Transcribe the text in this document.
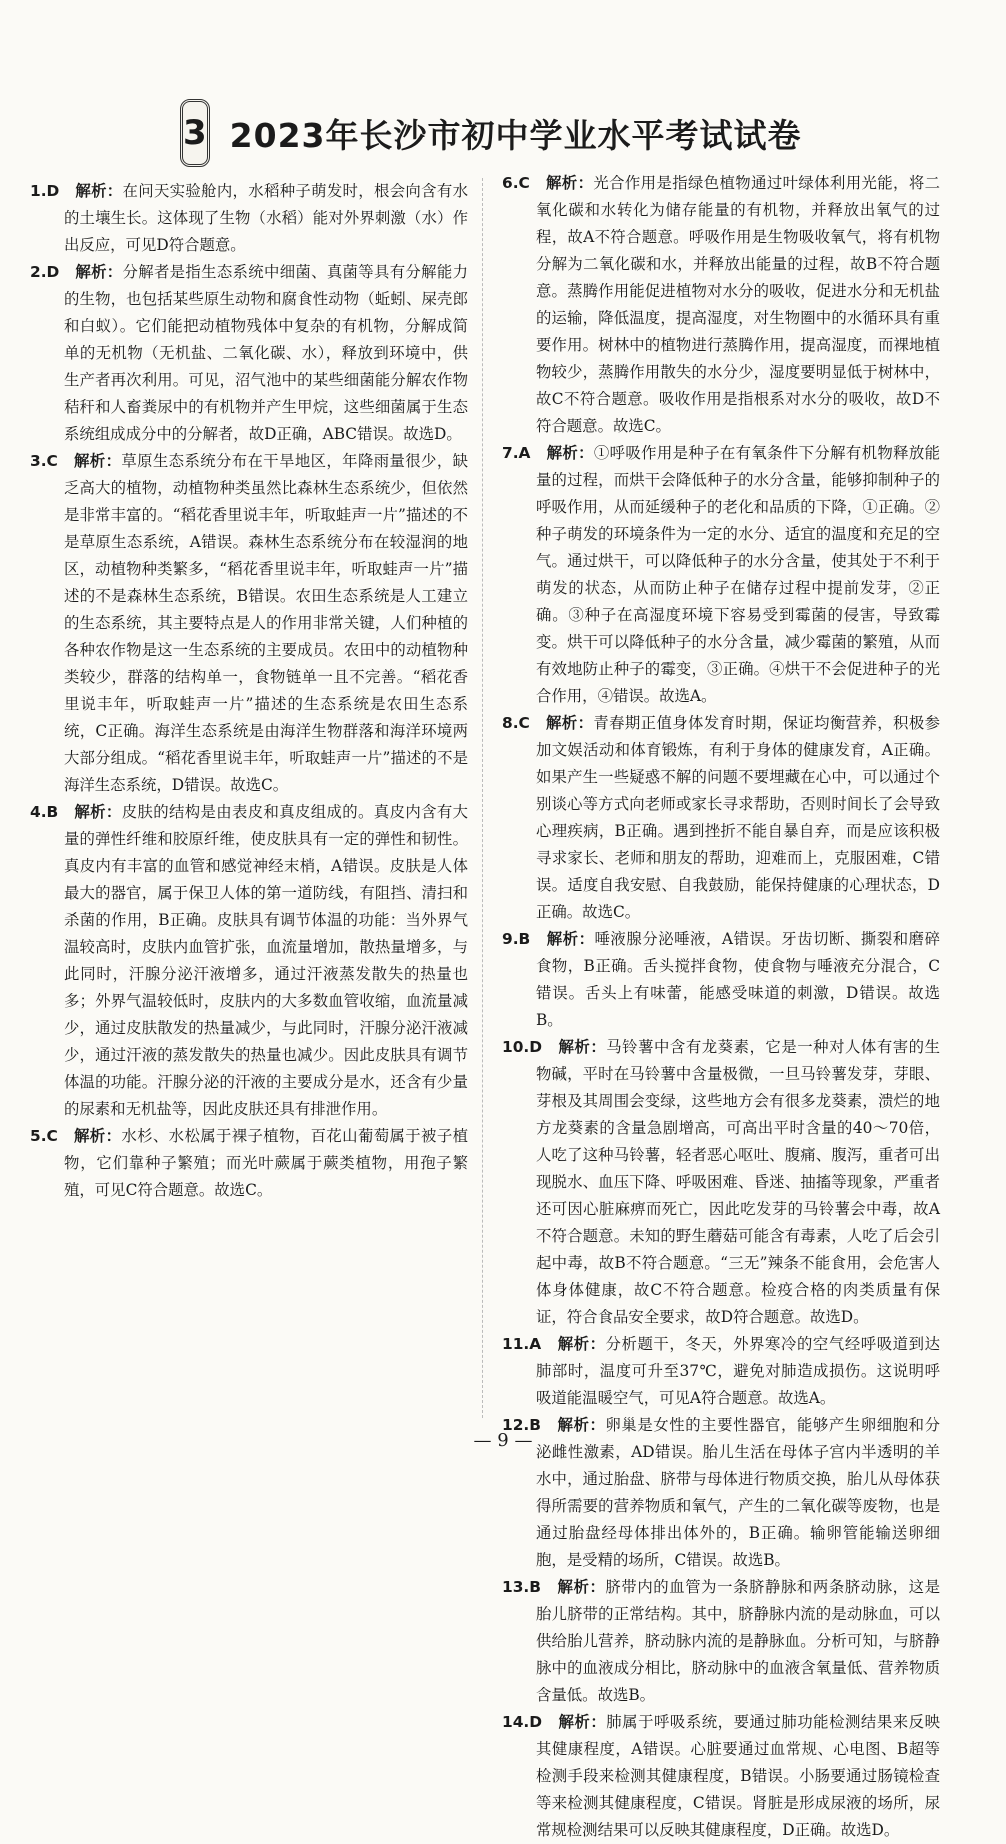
3 2023年长沙市初中学业水平考试试卷

1.D　解析：在问天实验舱内，水稻种子萌发时，根会向含有水的土壤生长。这体现了生物（水稻）能对外界刺激（水）作出反应，可见D符合题意。

2.D　解析：分解者是指生态系统中细菌、真菌等具有分解能力的生物，也包括某些原生动物和腐食性动物（蚯蚓、屎壳郎和白蚁）。它们能把动植物残体中复杂的有机物，分解成简单的无机物（无机盐、二氧化碳、水），释放到环境中，供生产者再次利用。可见，沼气池中的某些细菌能分解农作物秸秆和人畜粪尿中的有机物并产生甲烷，这些细菌属于生态系统组成成分中的分解者，故D正确，ABC错误。故选D。

3.C　解析：草原生态系统分布在干旱地区，年降雨量很少，缺乏高大的植物，动植物种类虽然比森林生态系统少，但依然是非常丰富的。“稻花香里说丰年，听取蛙声一片”描述的不是草原生态系统，A错误。森林生态系统分布在较湿润的地区，动植物种类繁多，“稻花香里说丰年，听取蛙声一片”描述的不是森林生态系统，B错误。农田生态系统是人工建立的生态系统，其主要特点是人的作用非常关键，人们种植的各种农作物是这一生态系统的主要成员。农田中的动植物种类较少，群落的结构单一，食物链单一且不完善。“稻花香里说丰年，听取蛙声一片”描述的生态系统是农田生态系统，C正确。海洋生态系统是由海洋生物群落和海洋环境两大部分组成。“稻花香里说丰年，听取蛙声一片”描述的不是海洋生态系统，D错误。故选C。

4.B　解析：皮肤的结构是由表皮和真皮组成的。真皮内含有大量的弹性纤维和胶原纤维，使皮肤具有一定的弹性和韧性。真皮内有丰富的血管和感觉神经末梢，A错误。皮肤是人体最大的器官，属于保卫人体的第一道防线，有阻挡、清扫和杀菌的作用，B正确。皮肤具有调节体温的功能：当外界气温较高时，皮肤内血管扩张，血流量增加，散热量增多，与此同时，汗腺分泌汗液增多，通过汗液蒸发散失的热量也多；外界气温较低时，皮肤内的大多数血管收缩，血流量减少，通过皮肤散发的热量减少，与此同时，汗腺分泌汗液减少，通过汗液的蒸发散失的热量也减少。因此皮肤具有调节体温的功能。汗腺分泌的汗液的主要成分是水，还含有少量的尿素和无机盐等，因此皮肤还具有排泄作用。

5.C　解析：水杉、水松属于裸子植物，百花山葡萄属于被子植物，它们靠种子繁殖；而光叶蕨属于蕨类植物，用孢子繁殖，可见C符合题意。故选C。

6.C　解析：光合作用是指绿色植物通过叶绿体利用光能，将二氧化碳和水转化为储存能量的有机物，并释放出氧气的过程，故A不符合题意。呼吸作用是生物吸收氧气，将有机物分解为二氧化碳和水，并释放出能量的过程，故B不符合题意。蒸腾作用能促进植物对水分的吸收，促进水分和无机盐的运输，降低温度，提高湿度，对生物圈中的水循环具有重要作用。树林中的植物进行蒸腾作用，提高湿度，而裸地植物较少，蒸腾作用散失的水分少，湿度要明显低于树林中，故C不符合题意。吸收作用是指根系对水分的吸收，故D不符合题意。故选C。

7.A　解析：①呼吸作用是种子在有氧条件下分解有机物释放能量的过程，而烘干会降低种子的水分含量，能够抑制种子的呼吸作用，从而延缓种子的老化和品质的下降，①正确。②种子萌发的环境条件为一定的水分、适宜的温度和充足的空气。通过烘干，可以降低种子的水分含量，使其处于不利于萌发的状态，从而防止种子在储存过程中提前发芽，②正确。③种子在高湿度环境下容易受到霉菌的侵害，导致霉变。烘干可以降低种子的水分含量，减少霉菌的繁殖，从而有效地防止种子的霉变，③正确。④烘干不会促进种子的光合作用，④错误。故选A。

8.C　解析：青春期正值身体发育时期，保证均衡营养，积极参加文娱活动和体育锻炼，有利于身体的健康发育，A正确。如果产生一些疑惑不解的问题不要埋藏在心中，可以通过个别谈心等方式向老师或家长寻求帮助，否则时间长了会导致心理疾病，B正确。遇到挫折不能自暴自弃，而是应该积极寻求家长、老师和朋友的帮助，迎难而上，克服困难，C错误。适度自我安慰、自我鼓励，能保持健康的心理状态，D正确。故选C。

9.B　解析：唾液腺分泌唾液，A错误。牙齿切断、撕裂和磨碎食物，B正确。舌头搅拌食物，使食物与唾液充分混合，C错误。舌头上有味蕾，能感受味道的刺激，D错误。故选B。

10.D　解析：马铃薯中含有龙葵素，它是一种对人体有害的生物碱，平时在马铃薯中含量极微，一旦马铃薯发芽，芽眼、芽根及其周围会变绿，这些地方会有很多龙葵素，溃烂的地方龙葵素的含量急剧增高，可高出平时含量的40～70倍，人吃了这种马铃薯，轻者恶心呕吐、腹痛、腹泻，重者可出现脱水、血压下降、呼吸困难、昏迷、抽搐等现象，严重者还可因心脏麻痹而死亡，因此吃发芽的马铃薯会中毒，故A不符合题意。未知的野生蘑菇可能含有毒素，人吃了后会引起中毒，故B不符合题意。“三无”辣条不能食用，会危害人体身体健康，故C不符合题意。检疫合格的肉类质量有保证，符合食品安全要求，故D符合题意。故选D。

11.A　解析：分析题干，冬天，外界寒冷的空气经呼吸道到达肺部时，温度可升至37℃，避免对肺造成损伤。这说明呼吸道能温暖空气，可见A符合题意。故选A。

12.B　解析：卵巢是女性的主要性器官，能够产生卵细胞和分泌雌性激素，AD错误。胎儿生活在母体子宫内半透明的羊水中，通过胎盘、脐带与母体进行物质交换，胎儿从母体获得所需要的营养物质和氧气，产生的二氧化碳等废物，也是通过胎盘经母体排出体外的，B正确。输卵管能输送卵细胞，是受精的场所，C错误。故选B。

13.B　解析：脐带内的血管为一条脐静脉和两条脐动脉，这是胎儿脐带的正常结构。其中，脐静脉内流的是动脉血，可以供给胎儿营养，脐动脉内流的是静脉血。分析可知，与脐静脉中的血液成分相比，脐动脉中的血液含氧量低、营养物质含量低。故选B。

14.D　解析：肺属于呼吸系统，要通过肺功能检测结果来反映其健康程度，A错误。心脏要通过血常规、心电图、B超等检测手段来检测其健康程度，B错误。小肠要通过肠镜检查等来检测其健康程度，C错误。肾脏是形成尿液的场所，尿常规检测结果可以反映其健康程度，D正确。故选D。

— 9 —
